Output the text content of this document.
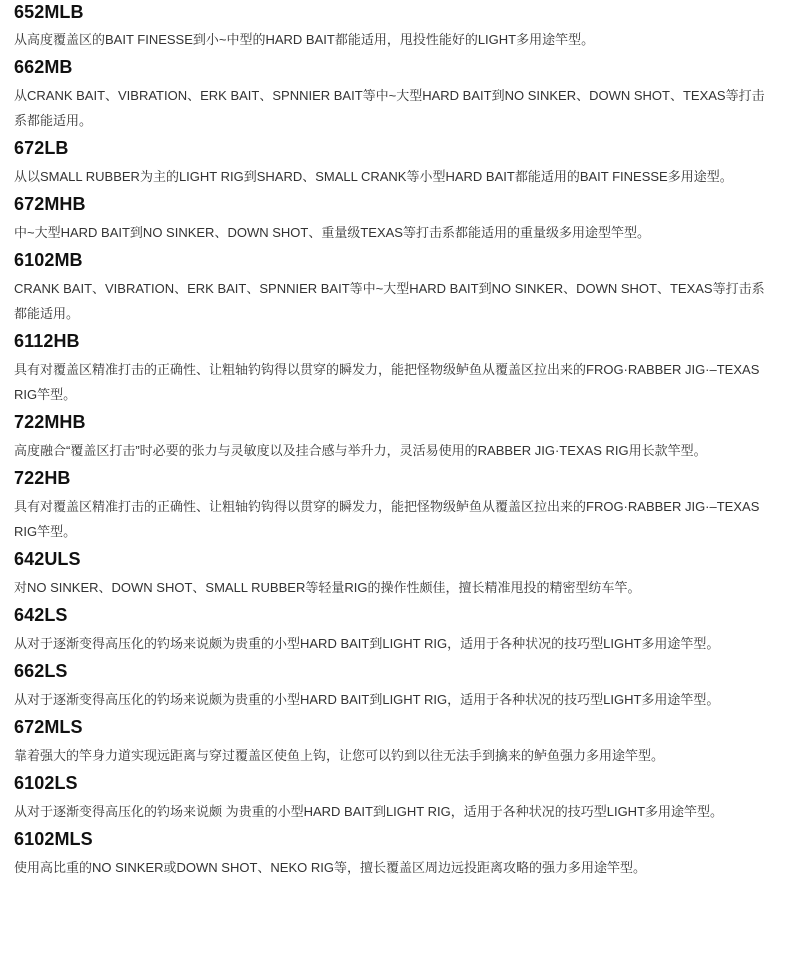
652MLB

从高度覆盖区的BAIT FINESSE到小~中型的HARD BAIT都能适用，甩投性能好的LIGHT多用途竿型。

662MB

从CRANK BAIT、VIBRATION、ERK BAIT、SPNNIER BAIT等中~大型HARD BAIT到NO SINKER、DOWN SHOT、TEXAS等打击系都能适用。

672LB

从以SMALL RUBBER为主的LIGHT RIG到SHARD、SMALL CRANK等小型HARD BAIT都能适用的BAIT FINESSE多用途型。

672MHB

中~大型HARD BAIT到NO SINKER、DOWN SHOT、重量级TEXAS等打击系都能适用的重量级多用途型竿型。

6102MB

CRANK BAIT、VIBRATION、ERK BAIT、SPNNIER BAIT等中~大型HARD BAIT到NO SINKER、DOWN SHOT、TEXAS等打击系都能适用。

6112HB

具有对覆盖区精准打击的正确性、让粗轴钓钩得以贯穿的瞬发力，能把怪物级鲈鱼从覆盖区拉出来的FROG·RABBER JIG·–TEXAS RIG竿型。

722MHB

高度融合“覆盖区打击”时必要的张力与灵敏度以及挂合感与举升力，灵活易使用的RABBER JIG·TEXAS RIG用长款竿型。

722HB

具有对覆盖区精准打击的正确性、让粗轴钓钩得以贯穿的瞬发力，能把怪物级鲈鱼从覆盖区拉出来的FROG·RABBER JIG·–TEXAS RIG竿型。

642ULS

对NO SINKER、DOWN SHOT、SMALL RUBBER等轻量RIG的操作性颇佳，擅长精准甩投的精密型纺车竿。

642LS

从对于逐渐变得高压化的钓场来说颇为贵重的小型HARD BAIT到LIGHT RIG，适用于各种状况的技巧型LIGHT多用途竿型。

662LS

从对于逐渐变得高压化的钓场来说颇为贵重的小型HARD BAIT到LIGHT RIG，适用于各种状况的技巧型LIGHT多用途竿型。

672MLS

靠着强大的竿身力道实现远距离与穿过覆盖区使鱼上钩，让您可以钓到以往无法手到擒来的鲈鱼强力多用途竿型。

6102LS

从对于逐渐变得高压化的钓场来说颇 为贵重的小型HARD BAIT到LIGHT RIG，适用于各种状况的技巧型LIGHT多用途竿型。

6102MLS

使用高比重的NO SINKER或DOWN SHOT、NEKO RIG等，擅长覆盖区周边远投距离攻略的强力多用途竿型。
